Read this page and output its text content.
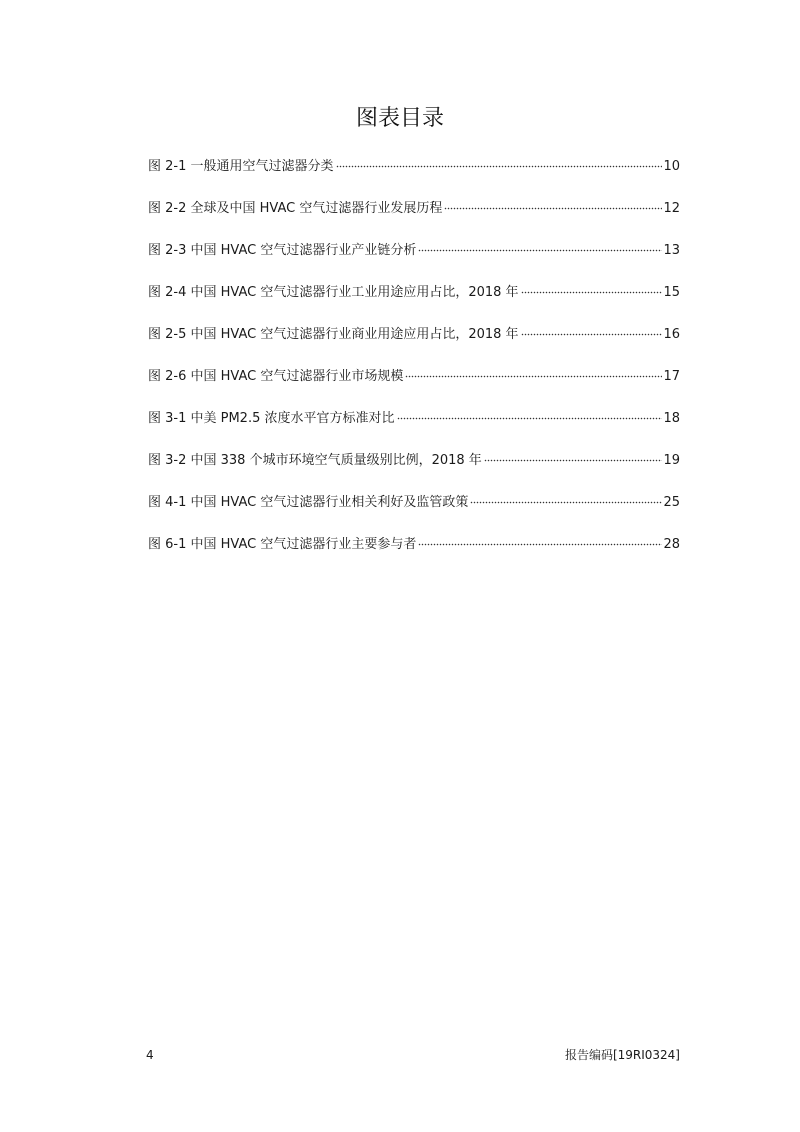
图表目录
图 2-1 一般通用空气过滤器分类	10
图 2-2 全球及中国 HVAC 空气过滤器行业发展历程	12
图 2-3 中国 HVAC 空气过滤器行业产业链分析	13
图 2-4 中国 HVAC 空气过滤器行业工业用途应用占比，2018 年	15
图 2-5 中国 HVAC 空气过滤器行业商业用途应用占比，2018 年	16
图 2-6 中国 HVAC 空气过滤器行业市场规模	17
图 3-1 中美 PM2.5 浓度水平官方标准对比	18
图 3-2 中国 338 个城市环境空气质量级别比例，2018 年	19
图 4-1 中国 HVAC 空气过滤器行业相关利好及监管政策	25
图 6-1 中国 HVAC 空气过滤器行业主要参与者	28
4	报告编码[19RI0324]
